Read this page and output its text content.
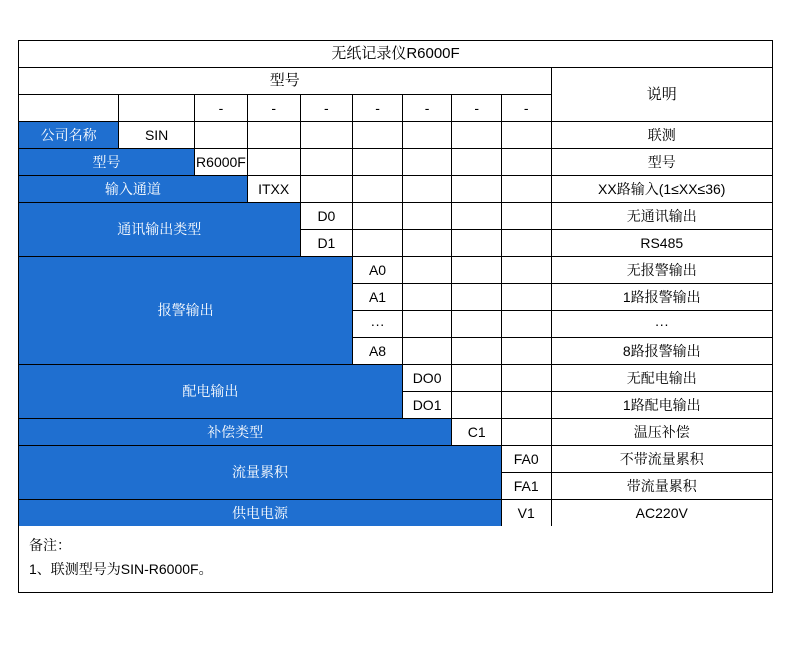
无纸记录仪R6000F									
型号									说明
		-	-	-	-	-	-	-	
公司名称	SIN								联测
型号		R6000F							型号
输入通道			ITXX						XX路输入(1≤XX≤36)
通讯输出类型				D0					无通讯输出
				D1					RS485
报警输出					A0				无报警输出
					A1				1路报警输出
					···				···
					A8				8路报警输出
配电输出						DO0			无配电输出
						DO1			1路配电输出
补偿类型							C1		温压补偿
流量累积								FA0	不带流量累积
								FA1	带流量累积
供电电源								V1	AC220V
备注：
1、联测型号为SIN-R6000F。
